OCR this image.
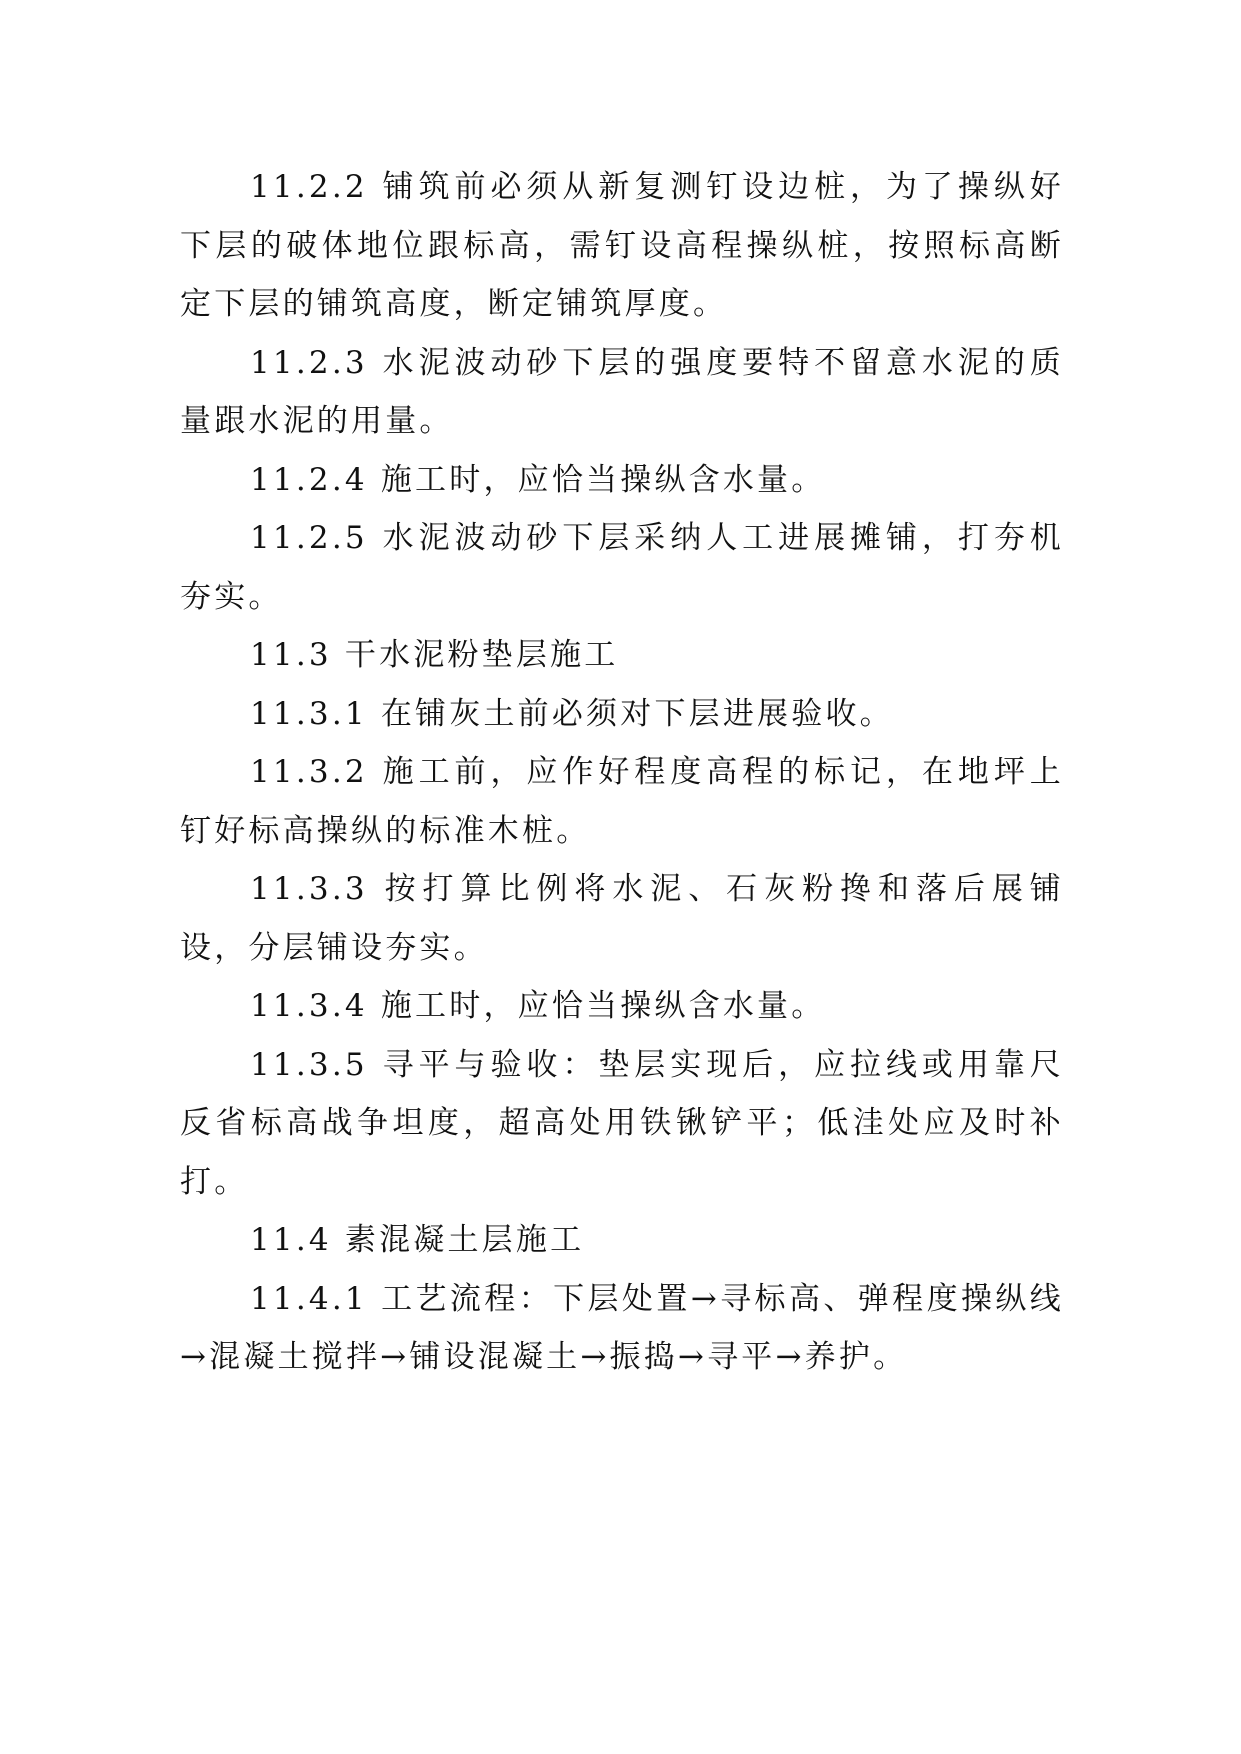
11.2.2 铺筑前必须从新复测钉设边桩，为了操纵好下层的破体地位跟标高，需钉设高程操纵桩，按照标高断定下层的铺筑高度，断定铺筑厚度。

11.2.3 水泥波动砂下层的强度要特不留意水泥的质量跟水泥的用量。

11.2.4 施工时，应恰当操纵含水量。

11.2.5 水泥波动砂下层采纳人工进展摊铺，打夯机夯实。

11.3 干水泥粉垫层施工

11.3.1 在铺灰土前必须对下层进展验收。

11.3.2 施工前，应作好程度高程的标记，在地坪上钉好标高操纵的标准木桩。

11.3.3 按打算比例将水泥、石灰粉搀和落后展铺设，分层铺设夯实。

11.3.4 施工时，应恰当操纵含水量。

11.3.5 寻平与验收：垫层实现后，应拉线或用靠尺反省标高战争坦度，超高处用铁锹铲平；低洼处应及时补打。

11.4 素混凝土层施工

11.4.1 工艺流程：下层处置→寻标高、弹程度操纵线→混凝土搅拌→铺设混凝土→振捣→寻平→养护。
